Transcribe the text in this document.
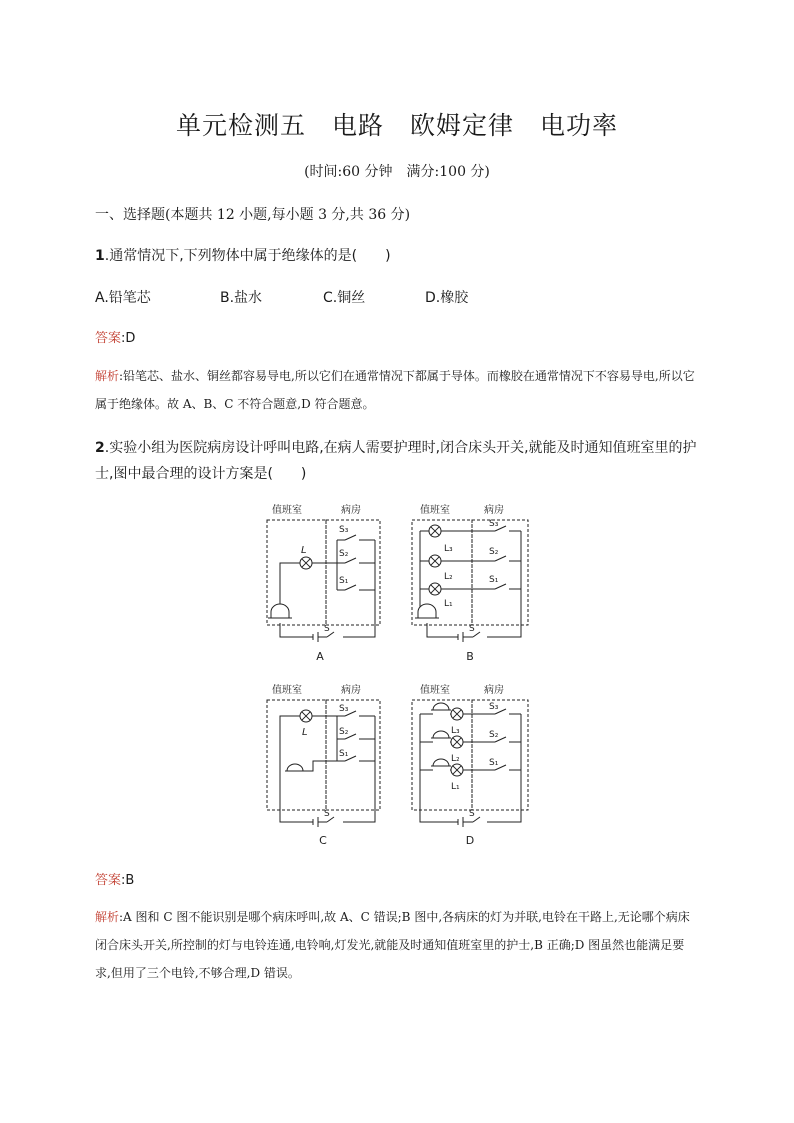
单元检测五　电路　欧姆定律　电功率
(时间:60 分钟　满分:100 分)
一、选择题(本题共 12 小题,每小题 3 分,共 36 分)
1.通常情况下,下列物体中属于绝缘体的是(　　)
A.铅笔芯	B.盐水	C.铜丝	D.橡胶
答案:D
解析:铅笔芯、盐水、铜丝都容易导电,所以它们在通常情况下都属于导体。而橡胶在通常情况下不容易导电,所以它属于绝缘体。故 A、B、C 不符合题意,D 符合题意。
2.实验小组为医院病房设计呼叫电路,在病人需要护理时,闭合床头开关,就能及时通知值班室里的护
士,图中最合理的设计方案是(　　)
值班室	病房
L
S₃
S₂
S₁
S
值班室	病房
L₃
L₂
L₁
S₃
S₂
S₁
S
值班室	病房
L
S₃
S₂
S₁
S
值班室	病房
L₃
L₂
L₁
S₃
S₂
S₁
S
A	B
C	D
答案:B
解析:A 图和 C 图不能识别是哪个病床呼叫,故 A、C 错误;B 图中,各病床的灯为并联,电铃在干路上,无论哪个病床闭合床头开关,所控制的灯与电铃连通,电铃响,灯发光,就能及时通知值班室里的护士,B 正确;D 图虽然也能满足要求,但用了三个电铃,不够合理,D 错误。
